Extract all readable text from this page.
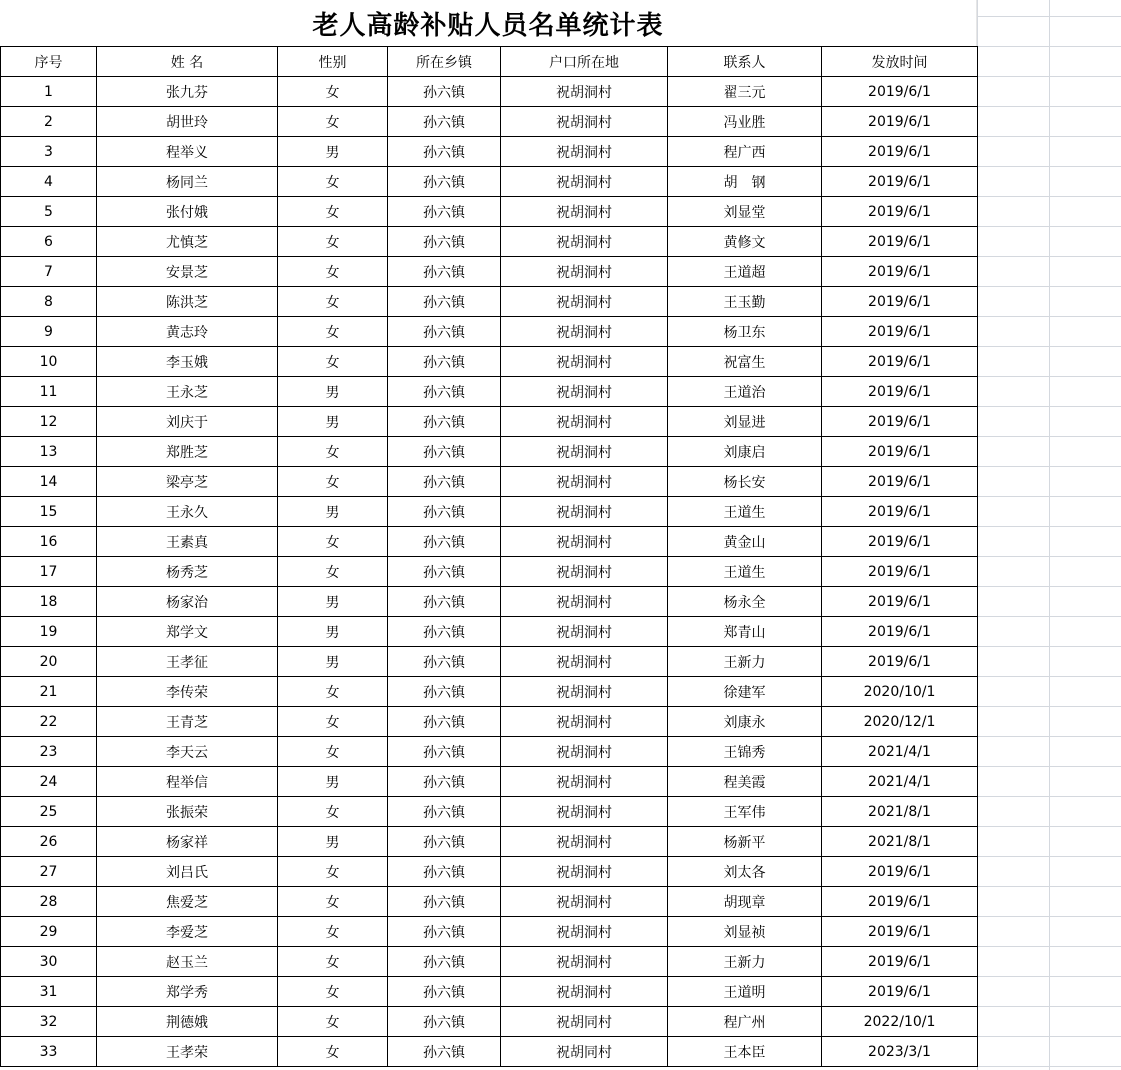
老人高龄补贴人员名单统计表
序号	姓 名	性别	所在乡镇	户口所在地	联系人	发放时间
1	张九芬	女	孙六镇	祝胡洞村	翟三元	2019/6/1
2	胡世玲	女	孙六镇	祝胡洞村	冯业胜	2019/6/1
3	程举义	男	孙六镇	祝胡洞村	程广西	2019/6/1
4	杨同兰	女	孙六镇	祝胡洞村	胡　钢	2019/6/1
5	张付娥	女	孙六镇	祝胡洞村	刘显堂	2019/6/1
6	尤慎芝	女	孙六镇	祝胡洞村	黄修文	2019/6/1
7	安景芝	女	孙六镇	祝胡洞村	王道超	2019/6/1
8	陈洪芝	女	孙六镇	祝胡洞村	王玉勤	2019/6/1
9	黄志玲	女	孙六镇	祝胡洞村	杨卫东	2019/6/1
10	李玉娥	女	孙六镇	祝胡洞村	祝富生	2019/6/1
11	王永芝	男	孙六镇	祝胡洞村	王道治	2019/6/1
12	刘庆于	男	孙六镇	祝胡洞村	刘显进	2019/6/1
13	郑胜芝	女	孙六镇	祝胡洞村	刘康启	2019/6/1
14	梁亭芝	女	孙六镇	祝胡洞村	杨长安	2019/6/1
15	王永久	男	孙六镇	祝胡洞村	王道生	2019/6/1
16	王素真	女	孙六镇	祝胡洞村	黄金山	2019/6/1
17	杨秀芝	女	孙六镇	祝胡洞村	王道生	2019/6/1
18	杨家治	男	孙六镇	祝胡洞村	杨永全	2019/6/1
19	郑学文	男	孙六镇	祝胡洞村	郑青山	2019/6/1
20	王孝征	男	孙六镇	祝胡洞村	王新力	2019/6/1
21	李传荣	女	孙六镇	祝胡洞村	徐建军	2020/10/1
22	王青芝	女	孙六镇	祝胡洞村	刘康永	2020/12/1
23	李天云	女	孙六镇	祝胡洞村	王锦秀	2021/4/1
24	程举信	男	孙六镇	祝胡洞村	程美霞	2021/4/1
25	张振荣	女	孙六镇	祝胡洞村	王军伟	2021/8/1
26	杨家祥	男	孙六镇	祝胡洞村	杨新平	2021/8/1
27	刘吕氏	女	孙六镇	祝胡洞村	刘太各	2019/6/1
28	焦爱芝	女	孙六镇	祝胡洞村	胡现章	2019/6/1
29	李爱芝	女	孙六镇	祝胡洞村	刘显祯	2019/6/1
30	赵玉兰	女	孙六镇	祝胡洞村	王新力	2019/6/1
31	郑学秀	女	孙六镇	祝胡洞村	王道明	2019/6/1
32	荆德娥	女	孙六镇	祝胡同村	程广州	2022/10/1
33	王孝荣	女	孙六镇	祝胡同村	王本臣	2023/3/1
